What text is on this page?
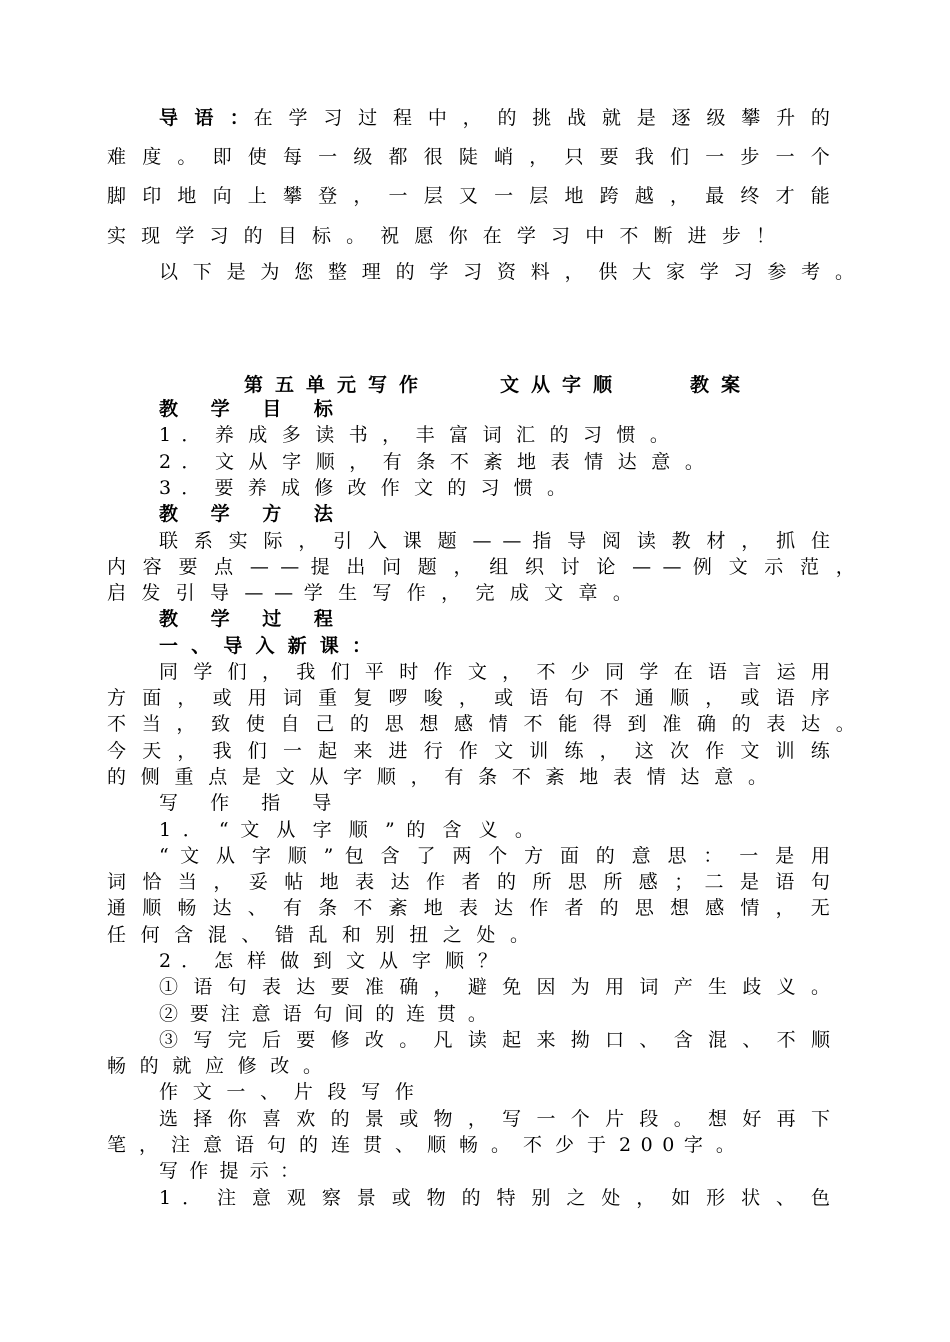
导 语 ：在 学 习 过 程 中 ， 的 挑 战 就 是 逐 级 攀 升 的
难 度 。 即 使 每 一 级 都 很 陡 峭 ， 只 要 我 们 一 步 一 个
脚 印 地 向 上 攀 登 ， 一 层 又 一 层 地 跨 越 ， 最 终 才 能
实 现 学 习 的 目 标 。 祝 愿 你 在 学 习 中 不 断 进 步 ！
以 下 是 为 您 整 理 的 学 习 资 料 ， 供 大 家 学 习 参 考 。
第五单元写作	文从字顺	教案
教 学 目 标
1 ． 养 成 多 读 书 ， 丰 富 词 汇 的 习 惯 。
2 ． 文 从 字 顺 ， 有 条 不 紊 地 表 情 达 意 。
3 ． 要 养 成 修 改 作 文 的 习 惯 。
教 学 方 法
联 系 实 际 ， 引 入 课 题 — — 指 导 阅 读 教 材 ， 抓 住
内 容 要 点 — — 提 出 问 题 ， 组 织 讨 论 — — 例 文 示 范 ，
启 发 引 导 — — 学 生 写 作 ， 完 成 文 章 。
教 学 过 程
一 、 导 入 新 课 ：
同 学 们 ， 我 们 平 时 作 文 ， 不 少 同 学 在 语 言 运 用
方 面 ， 或 用 词 重 复 啰 唆 ， 或 语 句 不 通 顺 ， 或 语 序
不 当 ， 致 使 自 己 的 思 想 感 情 不 能 得 到 准 确 的 表 达 。
今 天 ， 我 们 一 起 来 进 行 作 文 训 练 ， 这 次 作 文 训 练
的 侧 重 点 是 文 从 字 顺 ， 有 条 不 紊 地 表 情 达 意 。
写 作 指 导
1 ． “ 文 从 字 顺 ” 的 含 义 。
“ 文 从 字 顺 ” 包 含 了 两 个 方 面 的 意 思 ： 一 是 用
词 恰 当 ， 妥 帖 地 表 达 作 者 的 所 思 所 感 ； 二 是 语 句
通 顺 畅 达 、 有 条 不 紊 地 表 达 作 者 的 思 想 感 情 ， 无
任 何 含 混 、 错 乱 和 别 扭 之 处 。
2 ． 怎 样 做 到 文 从 字 顺 ？
① 语 句 表 达 要 准 确 ， 避 免 因 为 用 词 产 生 歧 义 。
② 要 注 意 语 句 间 的 连 贯 。
③ 写 完 后 要 修 改 。 凡 读 起 来 拗 口 、 含 混 、 不 顺
畅 的 就 应 修 改 。
作 文 一 、 片 段 写 作
选 择 你 喜 欢 的 景 或 物 ， 写 一 个 片 段 。 想 好 再 下
笔 ， 注 意 语 句 的 连 贯 、 顺 畅 。 不 少 于 2 0 0 字 。
写 作 提 示 ：
1 ． 注 意 观 察 景 或 物 的 特 别 之 处 ， 如 形 状 、 色
